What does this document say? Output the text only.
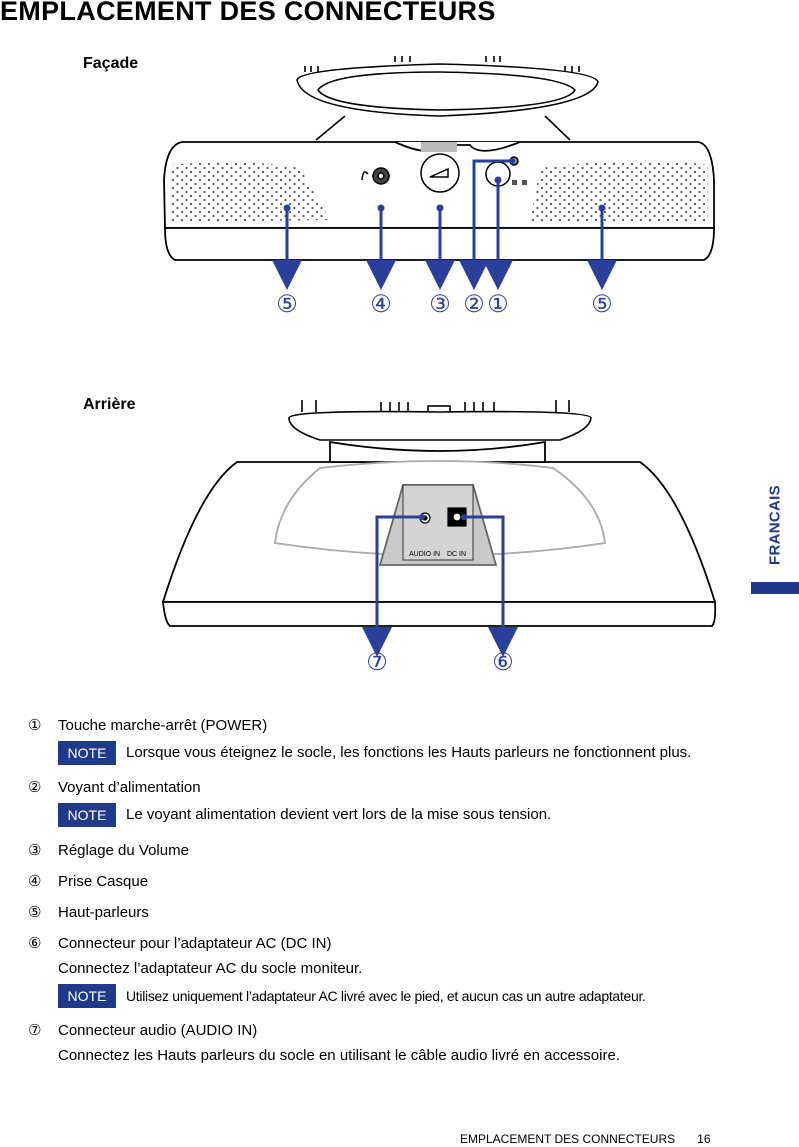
EMPLACEMENT DES CONNECTEURS
Façade
Arrière
⑤	④ ③ ② ①	⑤
AUDIO IN DC IN
⑦	⑥
FRANCAIS
①	Touche marche-arrêt (POWER)
NOTE	Lorsque vous éteignez le socle, les fonctions les Hauts parleurs ne fonctionnent plus.
②	Voyant d’alimentation
NOTE	Le voyant alimentation devient vert lors de la mise sous tension.
③	Réglage du Volume
④	Prise Casque
⑤	Haut-parleurs
⑥	Connecteur pour l’adaptateur AC (DC IN)
Connectez l’adaptateur AC du socle moniteur.
NOTE	Utilisez uniquement l’adaptateur AC livré avec le pied, et aucun cas un autre adaptateur.
⑦	Connecteur audio (AUDIO IN)
Connectez les Hauts parleurs du socle en utilisant le câble audio livré en accessoire.
EMPLACEMENT DES CONNECTEURS 16
